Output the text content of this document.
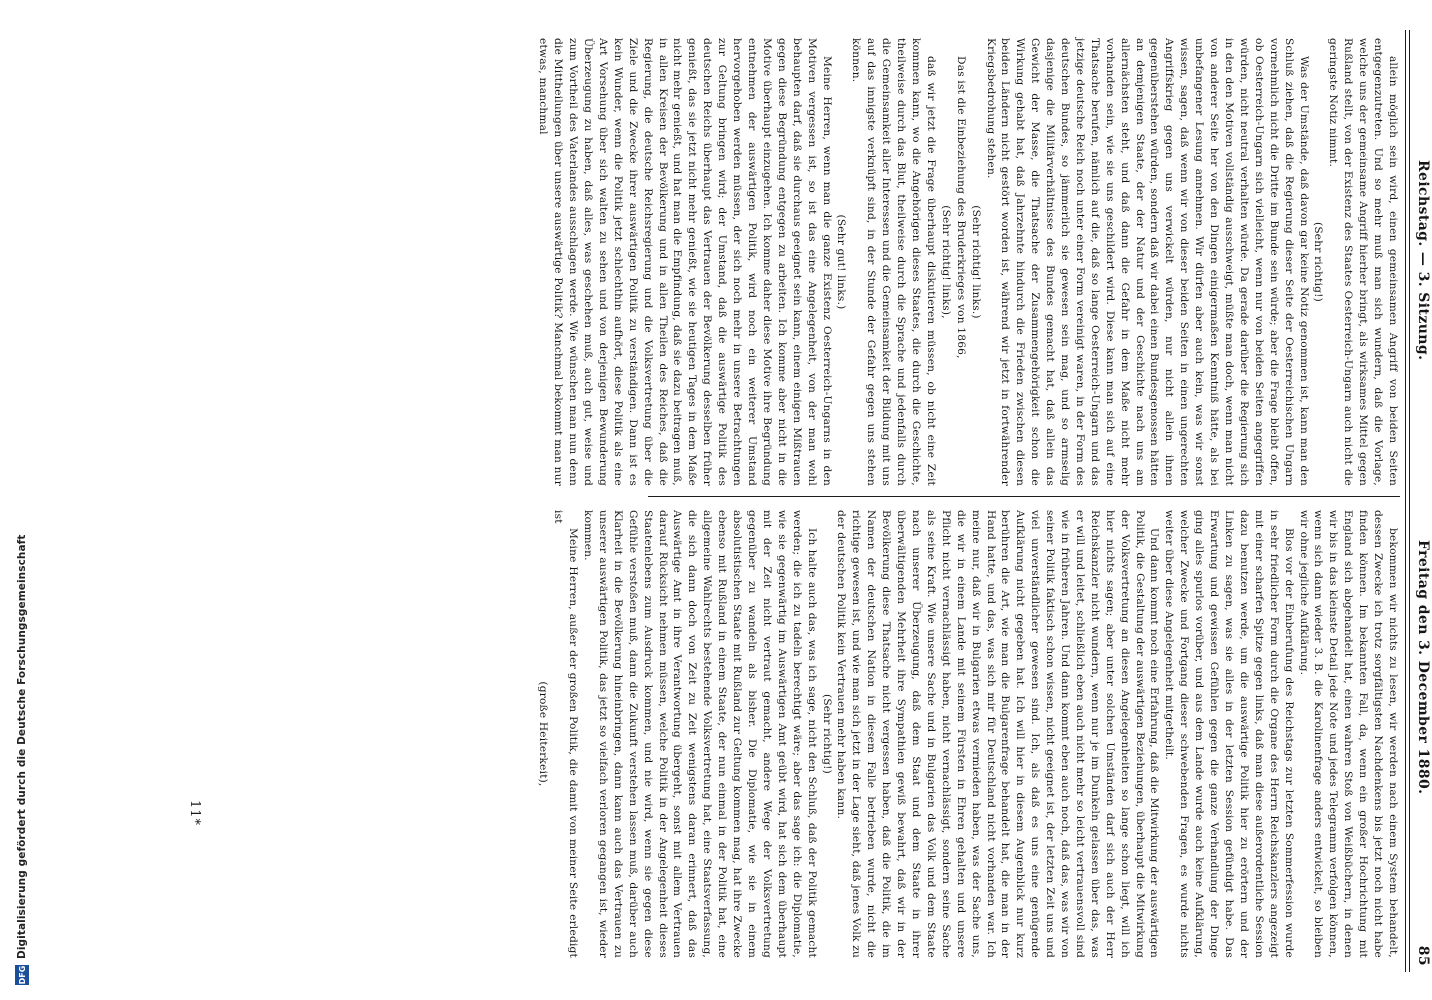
DFG
Digitalisierung gefördert durch die Deutsche Forschungsgemeinschaft
Reichstag. — 3. Sitzung.
Freitag den 3. December 1880.
85

allein möglich sein wird, einen gemeinsamen Angriff von beiden Seiten entgegenzutreten. Und so mehr muß man sich wundern, daß die Vorlage, welche uns der gemeinsame Angriff hierher bringt, als wirksames Mittel gegen Rußland stellt, von der Existenz des Staates Oesterreich-Ungarn auch nicht die geringste Notiz nimmt.

(Sehr richtig!)

Was der Umstände, daß davon gar keine Notiz genommen ist, kann man den Schluß ziehen, daß die Regierung dieser Seite der Oesterreichischen Ungarn vornehmlich nicht die Dritte im Bunde sein würde; aber die Frage bleibt offen, ob Oesterreich-Ungarn sich vielleicht, wenn nur von beiden Seiten angegriffen würden, nicht neutral verhalten würde. Da gerade darüber die Regierung sich in den den Motiven vollständig ausschweigt, müßte man doch, wenn man nicht von anderer Seite her von den Dingen einigermaßen Kenntniß hätte, als bei unbefangener Lesung annehmen. Wir dürfen aber auch kein, was wir sonst wissen, sagen, daß wenn wir von dieser beiden Seiten in einen ungerechten Angriffskrieg gegen uns verwickelt würden, nur nicht allein ihnen gegenüberstehen würden, sondern daß wir dabei einen Bundesgenossen hätten an demjenigen Staate, der der Natur und der Geschichte nach uns am allernächsten steht, und daß dann die Gefahr in dem Maße nicht mehr vorhanden sein, wie sie uns geschildert wird. Diese kann man sich auf eine Thatsache berufen, nämlich auf die, daß so lange Oesterreich-Ungarn und das jetzige deutsche Reich noch unter einer Form vereinigt waren, in der Form des deutschen Bundes, so jämmerlich sie gewesen sein mag, und so armselig dasjenige die Militärverhältnisse des Bundes gemacht hat, daß allein das Gewicht der Masse, die Thatsache der Zusammengehörigkeit schon die Wirkung gehabt hat, daß Jahrzehnte hindurch die Frieden zwischen diesen beiden Ländern nicht gestört worden ist, während wir jetzt in fortwährender Kriegsbedrohung stehen.

(Sehr richtig! links.)

Das ist die Einbeziehung des Bruderkrieges von 1866,

(Sehr richtig! links),

daß wir jetzt die Frage überhaupt diskutieren müssen, ob nicht eine Zeit kommen kann, wo die Angehörigen dieses Staates, die durch die Geschichte, theilweise durch das Blut, theilweise durch die Sprache und jedenfalls durch die Gemeinsamkeit aller Interessen und die Gemeinsamkeit der Bildung mit uns auf das innigste verknüpft sind, in der Stunde der Gefahr gegen uns stehen können.

(Sehr gut! links.)

Meine Herren, wenn man die ganze Existenz Oesterreich-Ungarns in den Motiven vergessen ist, so ist das eine Angelegenheit, von der man wohl behaupten darf, daß sie durchaus geeignet sein kann, einem einigen Mißtrauen gegen diese Begründung entgegen zu arbeiten. Ich komme aber nicht in die Motive überhaupt einzugehen. Ich komme daher diese Motive ihre Begründung entnehmen der auswärtigen Politik, wird noch ein weiterer Umstand hervorgehoben werden müssen, der sich noch mehr in unsere Betrachtungen zur Geltung bringen wird; der Umstand, daß die auswärtige Politik des deutschen Reichs überhaupt das Vertrauen der Bevölkerung desselben früher genießt, das sie jetzt nicht mehr genießt, wie sie heutigen Tages in dem Maße nicht mehr genießt, und hat man die Empfindung, daß sie dazu beitragen muß, in allen Kreisen der Bevölkerung und in allen Theilen des Reiches, daß die Regierung, die deutsche Reichsregierung und die Volksvertretung über die Ziele und die Zwecke ihrer auswärtigen Politik zu verständigen. Dann ist es kein Wunder, wenn die Politik jetzt schlechthin aufhört, diese Politik als eine Art Vorsehung über sich walten zu sehen und von derjenigen Bewunderung Überzeugung zu haben, daß alles, was geschehen muß, auch gut, weise und zum Vortheil des Vaterlandes ausschlagen werde. Wie wünschen man nun denn die Mittheilungen über unsere auswärtige Politik? Manchmal bekommt man nur etwas, manchmal

bekommen wir nichts zu lesen, wir werden nach einem System behandelt, dessen Zwecke ich trotz sorgfältigsten Nachdenkens bis jetzt noch nicht habe finden können. Im bekannten Fall, da, wenn ein großer Hochrichtung mit England sich abgehandelt hat, einen wahren Stoß von Weißbüchern, in denen wir bis in das kleinste Detail jede Note und jedes Telegramm verfolgen können, wenn sich dann wieder 3. B. die Karolinenfrage anders entwickelt, so bleiben wir ohne jegliche Aufklärung.

Blos vor der Einberufung des Reichstags zur letzten Sommerfession wurde in sehr friedlicher Form durch die Organe des Herrn Reichskanzlers angezeigt mit einer scharfen Spitze gegen links, daß man diese außerordentliche Session dazu benutzen werde, um die auswärtige Politik hier zu erörtern und der Linken zu sagen, was sie alles in der letzten Session gefündigt habe. Das Erwartung und gewissen Gefühlen gegen die ganze Verhandlung der Dinge ging alles spurlos vorüber, und aus dem Lande wurde auch keine Aufklärung, welcher Zwecke und Fortgang dieser schwebenden Fragen, es wurde nichts weiter über diese Angelegenheit mitgetheilt.

Und dann kommt noch eine Erfahrung, daß die Mitwirkung der auswärtigen Politik, die Gestaltung der auswärtigen Beziehungen, überhaupt die Mitwirkung der Volksvertretung an diesen Angelegenheiten so lange schon liegt, will ich hier nichts sagen; aber unter solchen Umständen darf sich auch der Herr Reichskanzler nicht wundern, wenn nur je im Dunkeln gelassen über das, was er will und leitet, schließlich eben auch nicht mehr so leicht vertrauensvoll sind wie in früheren Jahren. Und dann kommt eben auch noch, daß das, was wir von seiner Politik faktisch schon wissen, nicht geeignet ist, der letzten Zeit uns und viel unverständlicher gewesen sind. Ich, als daß es uns eine genügende Aufklärung nicht gegeben hat. Ich will hier in diesem Augenblick nur kurz berühren die Art, wie man die Bulgarenfrage behandelt hat, die man in der Hand hatte, und das, was sich mir für Deutschland nicht vorhanden war. Ich meine nur, daß wir in Bulgarien etwas vermieden haben, was der Sache uns, die wir in einem Lande mit seinem Fürsten in Ehren gehalten und unsere Pflicht nicht vernachlässigt haben, nicht vernachlässigt, sondern seine Sache als seine Kraft. Wie unsere Sache und in Bulgarien das Volk und dem Staate nach unserer Überzeugung, daß dem Staat und dem Staate in ihrer überwältigenden Mehrheit ihre Sympathien gewiß bewahrt, daß wir in der Bevölkerung diese Thatsache nicht vergessen haben, daß die Politik, die im Namen der deutschen Nation in diesem Falle betrieben wurde, nicht die richtige gewesen ist, und wie man sich jetzt in der Lage sieht, daß jenes Volk zu der deutschen Politik kein Vertrauen mehr haben kann.

(Sehr richtig!)

Ich halte auch das, was ich sage, nicht den Schluß, daß der Politik gemacht werden; die ich zu tadeln berechtigt wäre; aber das sage ich: die Diplomatie, wie sie gegenwärtig im Auswärtigen Amt geübt wird, hat sich dem überhaupt mit der Zeit nicht vertraut gemacht, andere Wege der Volksvertretung gegenüber zu wandeln als bisher. Die Diplomatie, wie sie in einem absolutistischen Staate mit Rußland zur Geltung kommen mag, hat ihre Zwecke ebenso mit Rußland in einem Staate, der nun einmal in der Politik hat, eine allgemeine Wahlrechts bestehende Volksvertretung hat, eine Staatsverfassung, die sich dann doch von Zeit zu Zeit wenigstens daran erinnert, daß das Auswärtige Amt in ihre Verantwortung übergeht, sonst mit allem Vertrauen darauf Rücksicht nehmen müssen, welche Politik in der Angelegenheit dieses Staatenlebens zum Ausdruck kommen, und nie wird, wenn sie gegen diese Gefühle verstoßen muß, dann die Zukunft verstehen lassen muß, darüber auch Klarheit in die Bevölkerung hineinbringen, dann kann auch das Vertrauen zu unserer auswärtigen Politik, das jetzt so vielfach verloren gegangen ist, wieder kommen.

Meine Herren, außer der großen Politik, die damit von meiner Seite erledigt ist

(große Heiterkeit),

11*
